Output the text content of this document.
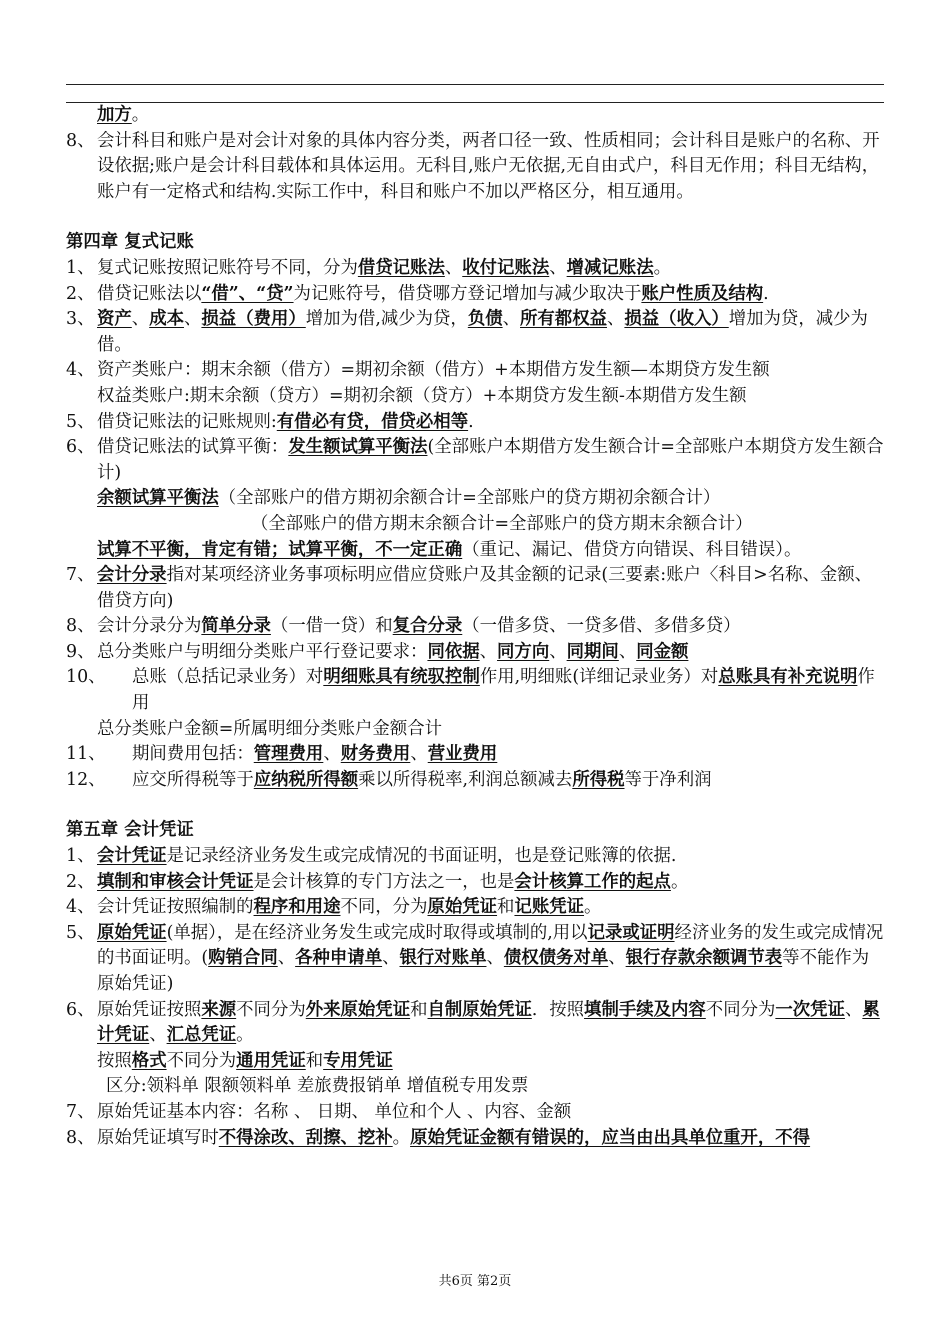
加方。
8、 会计科目和账户是对会计对象的具体内容分类，两者口径一致、性质相同；会计科目是账户的名称、开设依据;账户是会计科目载体和具体运用。无科目,账户无依据,无自由式户，科目无作用；科目无结构，账户有一定格式和结构.实际工作中，科目和账户不加以严格区分，相互通用。
第四章 复式记账
1、 复式记账按照记账符号不同，分为借贷记账法、收付记账法、增减记账法。
2、 借贷记账法以“借”、“贷”为记账符号，借贷哪方登记增加与减少取决于账户性质及结构.
3、 资产、成本、损益（费用）增加为借,减少为贷，负债、所有都权益、损益（收入）增加为贷，减少为借。
4、 资产类账户：期末余额（借方）=期初余额（借方）+本期借方发生额—本期贷方发生额
权益类账户:期末余额（贷方）=期初余额（贷方）+本期贷方发生额-本期借方发生额
5、 借贷记账法的记账规则:有借必有贷，借贷必相等.
6、 借贷记账法的试算平衡：发生额试算平衡法(全部账户本期借方发生额合计=全部账户本期贷方发生额合计)
余额试算平衡法（全部账户的借方期初余额合计=全部账户的贷方期初余额合计）
（全部账户的借方期末余额合计=全部账户的贷方期末余额合计）
试算不平衡，肯定有错；试算平衡，不一定正确（重记、漏记、借贷方向错误、科目错误）。
7、 会计分录指对某项经济业务事项标明应借应贷账户及其金额的记录(三要素:账户〈科目>名称、金额、借贷方向)
8、 会计分录分为简单分录（一借一贷）和复合分录（一借多贷、一贷多借、多借多贷）
9、 总分类账户与明细分类账户平行登记要求：同依据、同方向、同期间、同金额
10、 总账（总括记录业务）对明细账具有统驭控制作用,明细账(详细记录业务）对总账具有补充说明作用
总分类账户金额=所属明细分类账户金额合计
11、 期间费用包括：管理费用、财务费用、营业费用
12、 应交所得税等于应纳税所得额乘以所得税率,利润总额减去所得税等于净利润
第五章 会计凭证
1、 会计凭证是记录经济业务发生或完成情况的书面证明，也是登记账簿的依据.
2、 填制和审核会计凭证是会计核算的专门方法之一，也是会计核算工作的起点。
4、 会计凭证按照编制的程序和用途不同，分为原始凭证和记账凭证。
5、 原始凭证(单据），是在经济业务发生或完成时取得或填制的,用以记录或证明经济业务的发生或完成情况的书面证明。(购销合同、各种申请单、银行对账单、债权债务对单、银行存款余额调节表等不能作为原始凭证)
6、 原始凭证按照来源不同分为外来原始凭证和自制原始凭证．按照填制手续及内容不同分为一次凭证、累计凭证、汇总凭证。
按照格式不同分为通用凭证和专用凭证
区分:领料单 限额领料单 差旅费报销单 增值税专用发票
7、 原始凭证基本内容：名称 、 日期、 单位和个人 、内容、金额
8、 原始凭证填写时不得涂改、刮擦、挖补。原始凭证金额有错误的，应当由出具单位重开，不得
共6页 第2页
